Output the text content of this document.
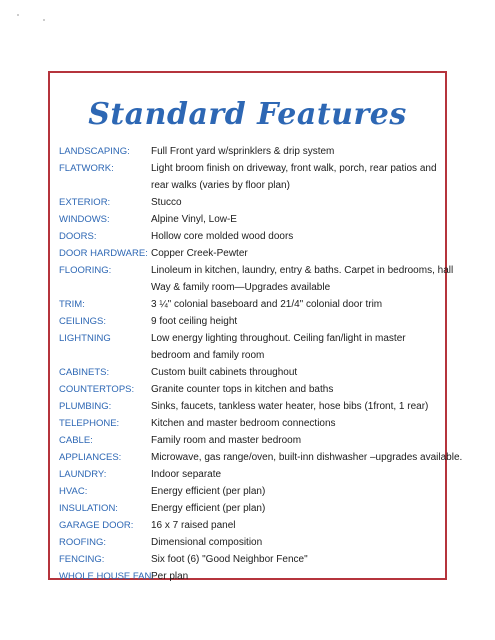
Standard Features
LANDSCAPING:	Full Front yard w/sprinklers & drip system
FLATWORK:	Light broom finish on driveway, front walk, porch, rear patios and
rear walks (varies by floor plan)
EXTERIOR:	Stucco
WINDOWS:	Alpine Vinyl, Low-E
DOORS:	Hollow core molded wood doors
DOOR HARDWARE: Copper Creek-Pewter
FLOORING:	Linoleum in kitchen, laundry, entry & baths. Carpet in bedrooms, hall
Way & family room—Upgrades available
TRIM:	3 ¼" colonial baseboard and 21/4" colonial door trim
CEILINGS:	9 foot ceiling height
LIGHTNING	Low energy lighting throughout. Ceiling fan/light in master
bedroom and family room
CABINETS:	Custom built cabinets throughout
COUNTERTOPS:	Granite counter tops in kitchen and baths
PLUMBING:	Sinks, faucets, tankless water heater, hose bibs (1front, 1 rear)
TELEPHONE:	Kitchen and master bedroom connections
CABLE:	Family room and master bedroom
APPLIANCES:	Microwave, gas range/oven, built-inn dishwasher –upgrades available.
LAUNDRY:	Indoor separate
HVAC:	Energy efficient (per plan)
INSULATION:	Energy efficient (per plan)
GARAGE DOOR:	16 x 7 raised panel
ROOFING:	Dimensional composition
FENCING:	Six foot (6) "Good Neighbor Fence"
WHOLE HOUSE FAN:
Per plan
